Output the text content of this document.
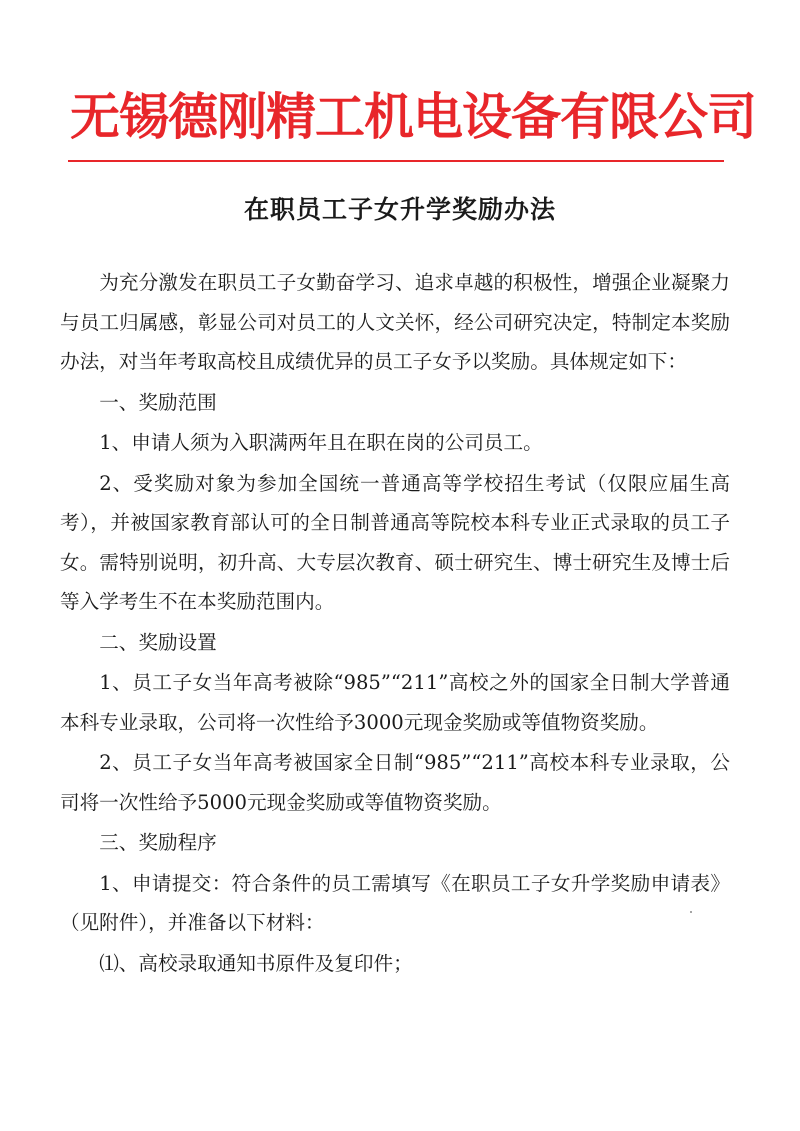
无锡德刚精工机电设备有限公司
在职员工子女升学奖励办法

为充分激发在职员工子女勤奋学习、追求卓越的积极性，增强企业凝聚力与员工归属感，彰显公司对员工的人文关怀，经公司研究决定，特制定本奖励办法，对当年考取高校且成绩优异的员工子女予以奖励。具体规定如下：

一、奖励范围

1、申请人须为入职满两年且在职在岗的公司员工。

2、受奖励对象为参加全国统一普通高等学校招生考试（仅限应届生高考），并被国家教育部认可的全日制普通高等院校本科专业正式录取的员工子女。需特别说明，初升高、大专层次教育、硕士研究生、博士研究生及博士后等入学考生不在本奖励范围内。

二、奖励设置

1、员工子女当年高考被除“985”“211”高校之外的国家全日制大学普通本科专业录取，公司将一次性给予3000元现金奖励或等值物资奖励。

2、员工子女当年高考被国家全日制“985”“211”高校本科专业录取，公司将一次性给予5000元现金奖励或等值物资奖励。

三、奖励程序

1、申请提交：符合条件的员工需填写《在职员工子女升学奖励申请表》（见附件），并准备以下材料：

⑴、高校录取通知书原件及复印件；
